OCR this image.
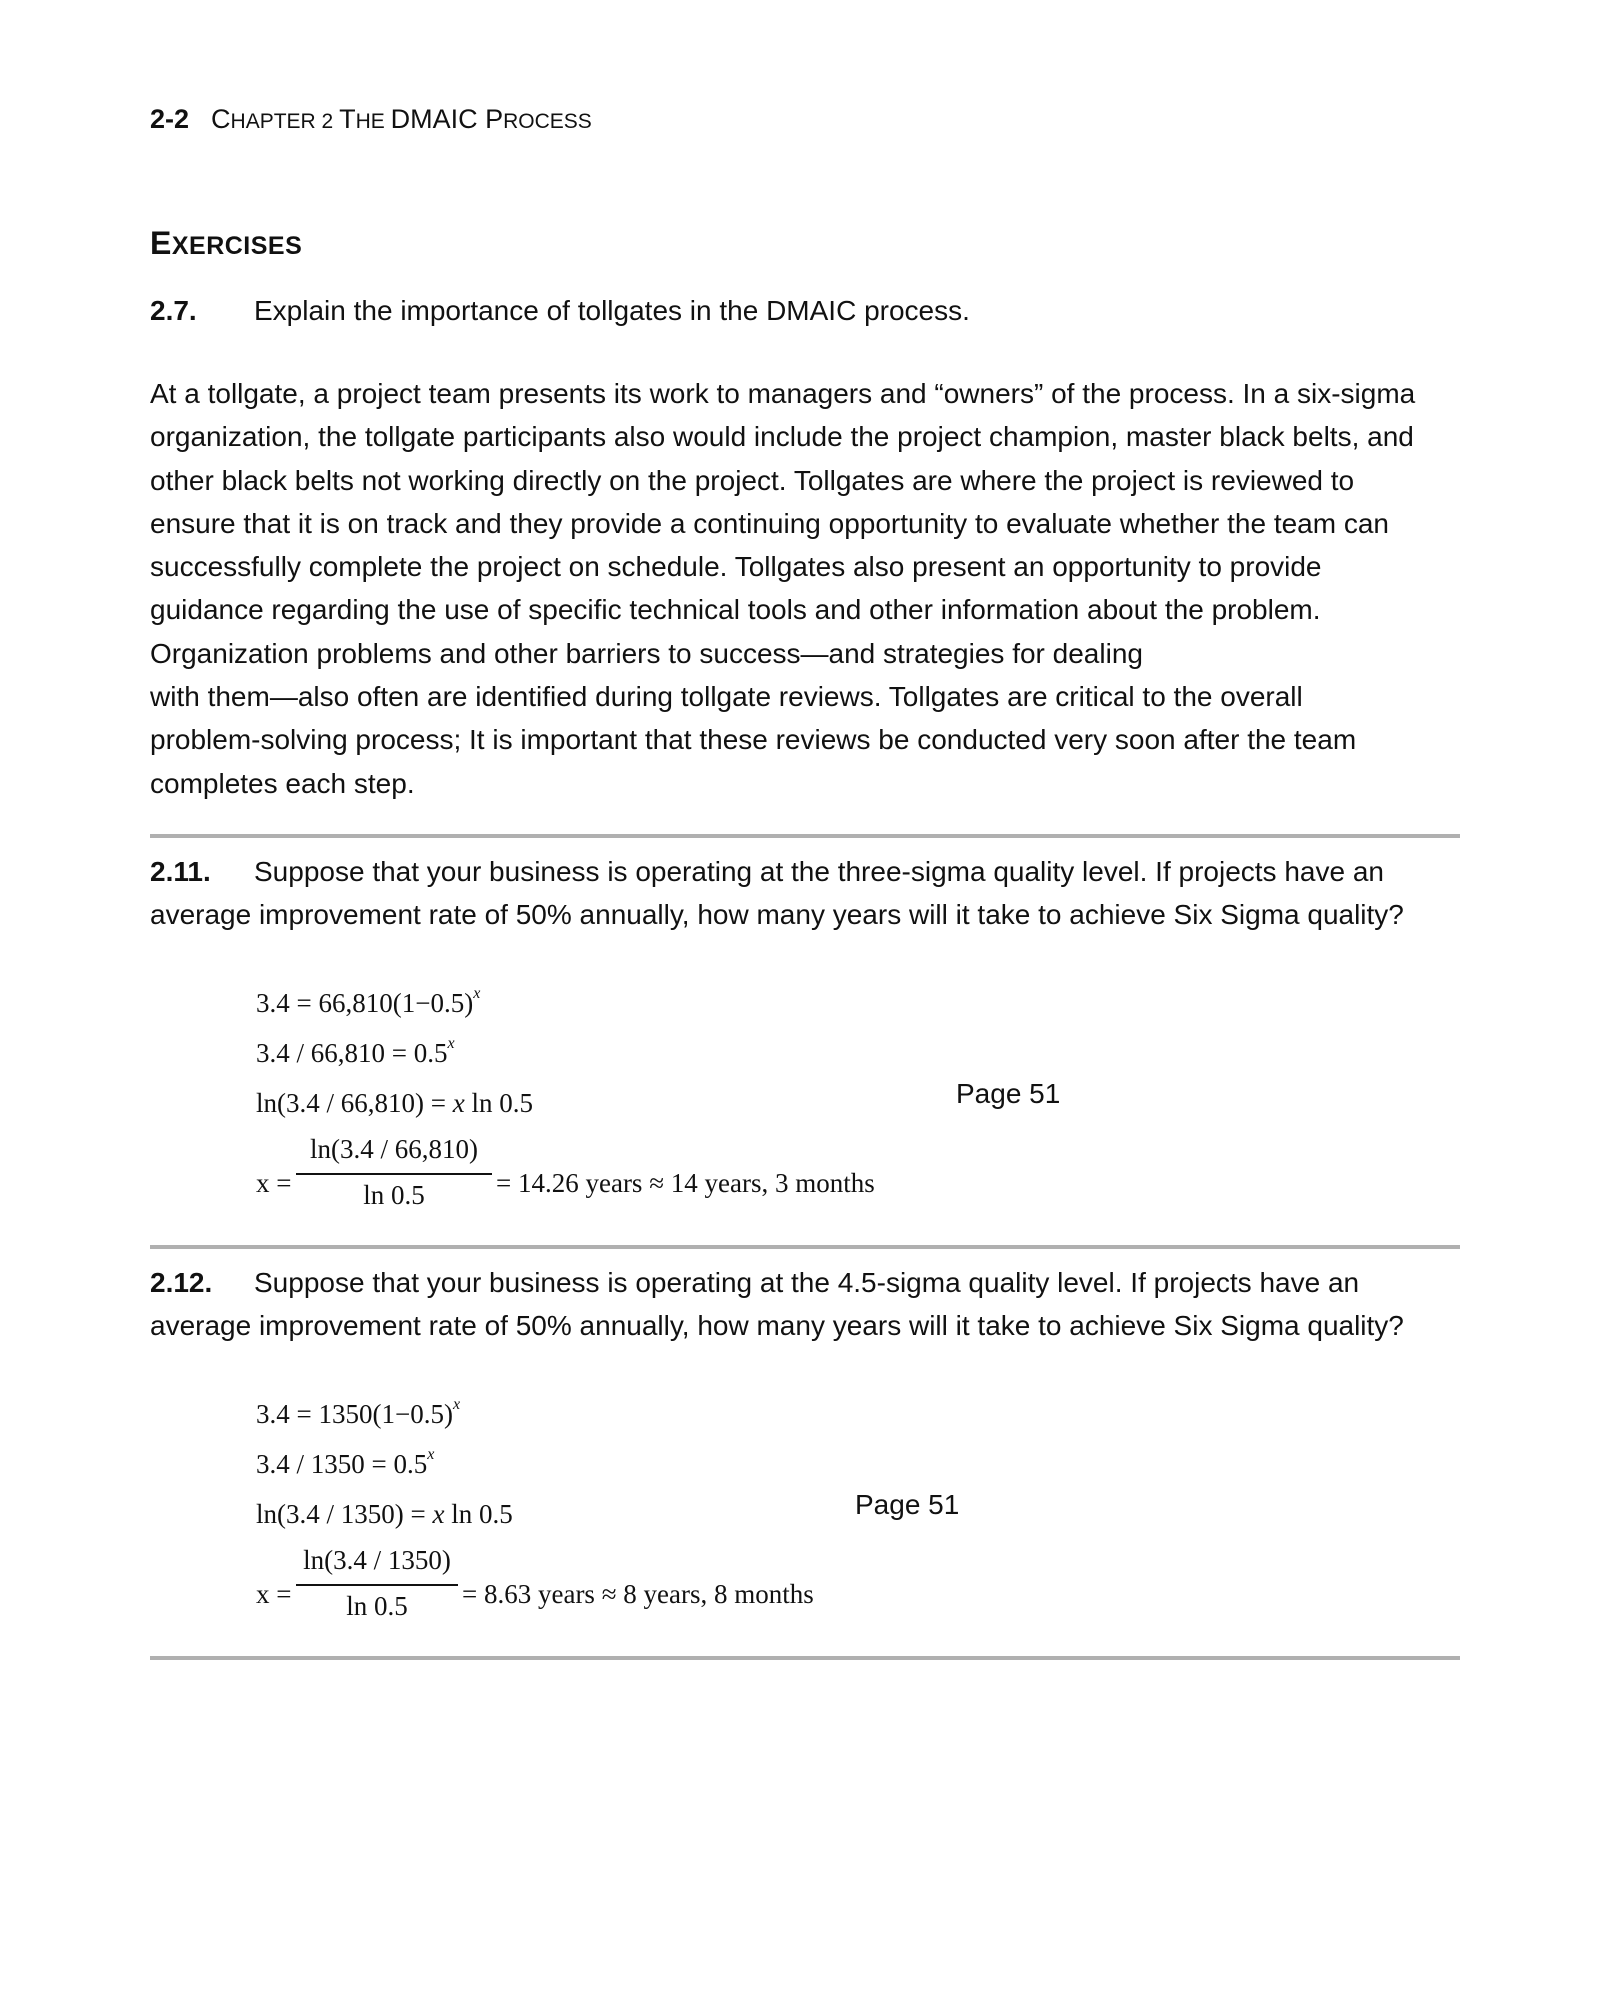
2-2 CHAPTER 2 THE DMAIC PROCESS
EXERCISES
2.7. Explain the importance of tollgates in the DMAIC process.
At a tollgate, a project team presents its work to managers and “owners” of the process. In a six-sigma
organization, the tollgate participants also would include the project champion, master black belts, and
other black belts not working directly on the project. Tollgates are where the project is reviewed to
ensure that it is on track and they provide a continuing opportunity to evaluate whether the team can
successfully complete the project on schedule. Tollgates also present an opportunity to provide
guidance regarding the use of specific technical tools and other information about the problem.
Organization problems and other barriers to success—and strategies for dealing
with them—also often are identified during tollgate reviews. Tollgates are critical to the overall
problem-solving process; It is important that these reviews be conducted very soon after the team
completes each step.
2.11. Suppose that your business is operating at the three-sigma quality level. If projects have an
average improvement rate of 50% annually, how many years will it take to achieve Six Sigma quality?
$3.4 = 66,810(1-0.5)^x$
$3.4 / 66,810 = 0.5^x$
ln(3.4 / 66,810) = x ln 0.5
x =
ln(3.4 / 66,810)
ln 0.5	= 14.26 years ≈ 14 years, 3 months
Page 51
2.12. Suppose that your business is operating at the 4.5-sigma quality level. If projects have an
average improvement rate of 50% annually, how many years will it take to achieve Six Sigma quality?
$3.4 = 1350(1-0.5)^x$
$3.4 / 1350 = 0.5^x$
ln(3.4 / 1350) = x ln 0.5
x =
ln(3.4 / 1350)
ln 0.5	= 8.63 years ≈ 8 years, 8 months
Page 51
